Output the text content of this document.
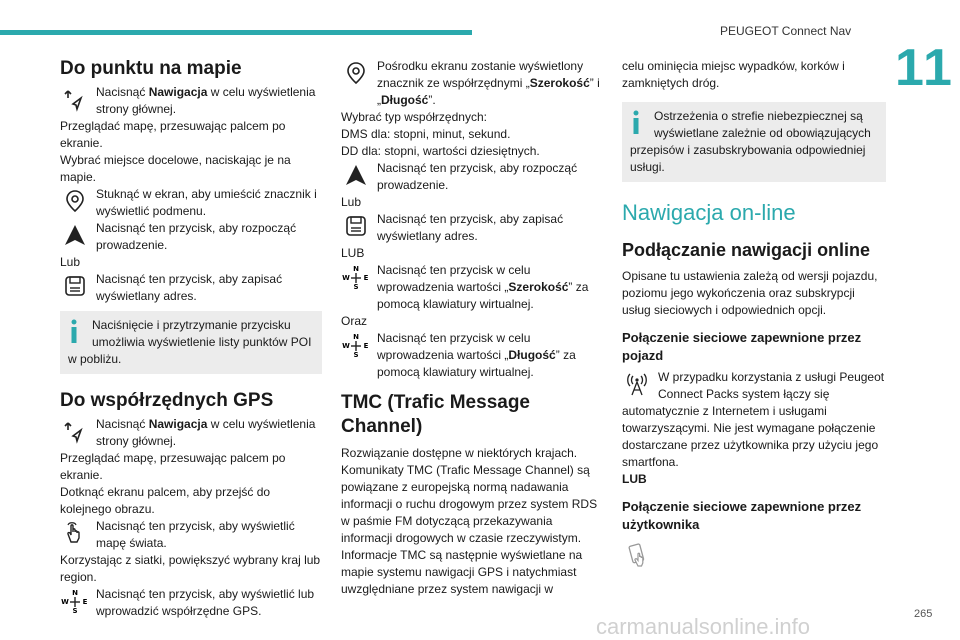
PEUGEOT Connect Nav
11
265
carmanualsonline.info
Do punktu na mapie
Nacisnąć Nawigacja w celu wyświetlenia strony głównej.
Przeglądać mapę, przesuwając palcem po ekranie.
Wybrać miejsce docelowe, naciskając je na mapie.
Stuknąć w ekran, aby umieścić znacznik i wyświetlić podmenu.
Nacisnąć ten przycisk, aby rozpocząć prowadzenie.
Lub
Nacisnąć ten przycisk, aby zapisać wyświetlany adres.
Naciśnięcie i przytrzymanie przycisku umożliwia wyświetlenie listy punktów POI
w pobliżu.
Do współrzędnych GPS
Nacisnąć Nawigacja w celu wyświetlenia strony głównej.
Przeglądać mapę, przesuwając palcem po ekranie.
Dotknąć ekranu palcem, aby przejść do kolejnego obrazu.
Nacisnąć ten przycisk, aby wyświetlić mapę świata.
Korzystając z siatki, powiększyć wybrany kraj lub region.
N
S
W E
Nacisnąć ten przycisk, aby wyświetlić lub wprowadzić współrzędne GPS.
Pośrodku ekranu zostanie wyświetlony znacznik ze współrzędnymi „Szerokość” i „Długość”.
Wybrać typ współrzędnych:
DMS dla: stopni, minut, sekund.
DD dla: stopni, wartości dziesiętnych.
Nacisnąć ten przycisk, aby rozpocząć prowadzenie.
Lub
Nacisnąć ten przycisk, aby zapisać wyświetlany adres.
LUB
N
S
W E
Nacisnąć ten przycisk w celu wprowadzenia wartości „Szerokość” za pomocą klawiatury wirtualnej.
Oraz
N
S
W E
Nacisnąć ten przycisk w celu wprowadzenia wartości „Długość” za pomocą klawiatury wirtualnej.
TMC (Trafic Message Channel)
Rozwiązanie dostępne w niektórych krajach.
Komunikaty TMC (Trafic Message Channel) są powiązane z europejską normą nadawania informacji o ruchu drogowym przez system RDS w paśmie FM dotyczącą przekazywania informacji drogowych w czasie rzeczywistym. Informacje TMC są następnie wyświetlane na mapie systemu nawigacji GPS i natychmiast uwzględniane przez system nawigacji w
celu ominięcia miejsc wypadków, korków i zamkniętych dróg.
Ostrzeżenia o strefie niebezpiecznej są wyświetlane zależnie od obowiązujących
przepisów i zasubskrybowania odpowiedniej usługi.
Nawigacja on-line
Podłączanie nawigacji online
Opisane tu ustawienia zależą od wersji pojazdu, poziomu jego wykończenia oraz subskrypcji usług sieciowych i odpowiednich opcji.
Połączenie sieciowe zapewnione przez pojazd
W przypadku korzystania z usługi Peugeot Connect Packs system łączy się
automatycznie z Internetem i usługami towarzyszącymi. Nie jest wymagane połączenie dostarczane przez użytkownika przy użyciu jego smartfona.
LUB
Połączenie sieciowe zapewnione przez użytkownika
